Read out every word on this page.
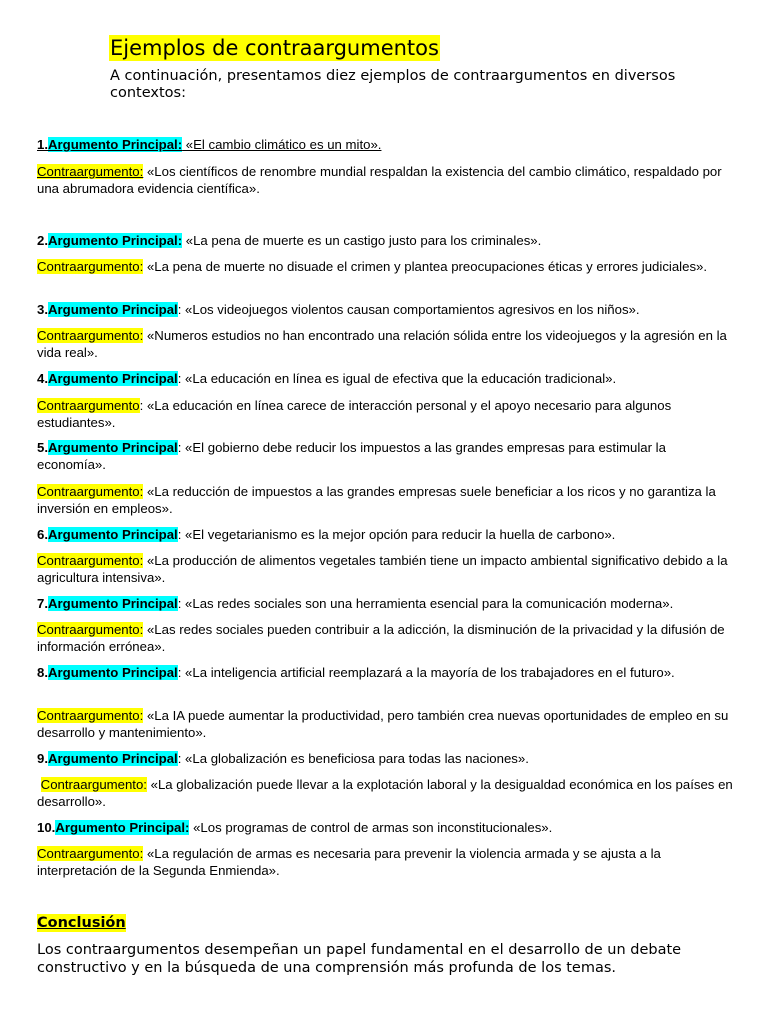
Ejemplos de contraargumentos
A continuación, presentamos diez ejemplos de contraargumentos en diversos contextos:
1.Argumento Principal: «El cambio climático es un mito».
Contraargumento: «Los científicos de renombre mundial respaldan la existencia del cambio climático, respaldado por una abrumadora evidencia científica».
2.Argumento Principal: «La pena de muerte es un castigo justo para los criminales».
Contraargumento: «La pena de muerte no disuade el crimen y plantea preocupaciones éticas y errores judiciales».
3.Argumento Principal: «Los videojuegos violentos causan comportamientos agresivos en los niños».
Contraargumento: «Numeros estudios no han encontrado una relación sólida entre los videojuegos y la agresión en la vida real».
4.Argumento Principal: «La educación en línea es igual de efectiva que la educación tradicional».
Contraargumento: «La educación en línea carece de interacción personal y el apoyo necesario para algunos estudiantes».
5.Argumento Principal: «El gobierno debe reducir los impuestos a las grandes empresas para estimular la economía».
Contraargumento: «La reducción de impuestos a las grandes empresas suele beneficiar a los ricos y no garantiza la inversión en empleos».
6.Argumento Principal: «El vegetarianismo es la mejor opción para reducir la huella de carbono».
Contraargumento: «La producción de alimentos vegetales también tiene un impacto ambiental significativo debido a la agricultura intensiva».
7.Argumento Principal: «Las redes sociales son una herramienta esencial para la comunicación moderna».
Contraargumento: «Las redes sociales pueden contribuir a la adicción, la disminución de la privacidad y la difusión de información errónea».
8.Argumento Principal: «La inteligencia artificial reemplazará a la mayoría de los trabajadores en el futuro».
Contraargumento: «La IA puede aumentar la productividad, pero también crea nuevas oportunidades de empleo en su desarrollo y mantenimiento».
9.Argumento Principal: «La globalización es beneficiosa para todas las naciones».
Contraargumento: «La globalización puede llevar a la explotación laboral y la desigualdad económica en los países en desarrollo».
10.Argumento Principal: «Los programas de control de armas son inconstitucionales».
Contraargumento: «La regulación de armas es necesaria para prevenir la violencia armada y se ajusta a la interpretación de la Segunda Enmienda».
Conclusión
Los contraargumentos desempeñan un papel fundamental en el desarrollo de un debate constructivo y en la búsqueda de una comprensión más profunda de los temas.
